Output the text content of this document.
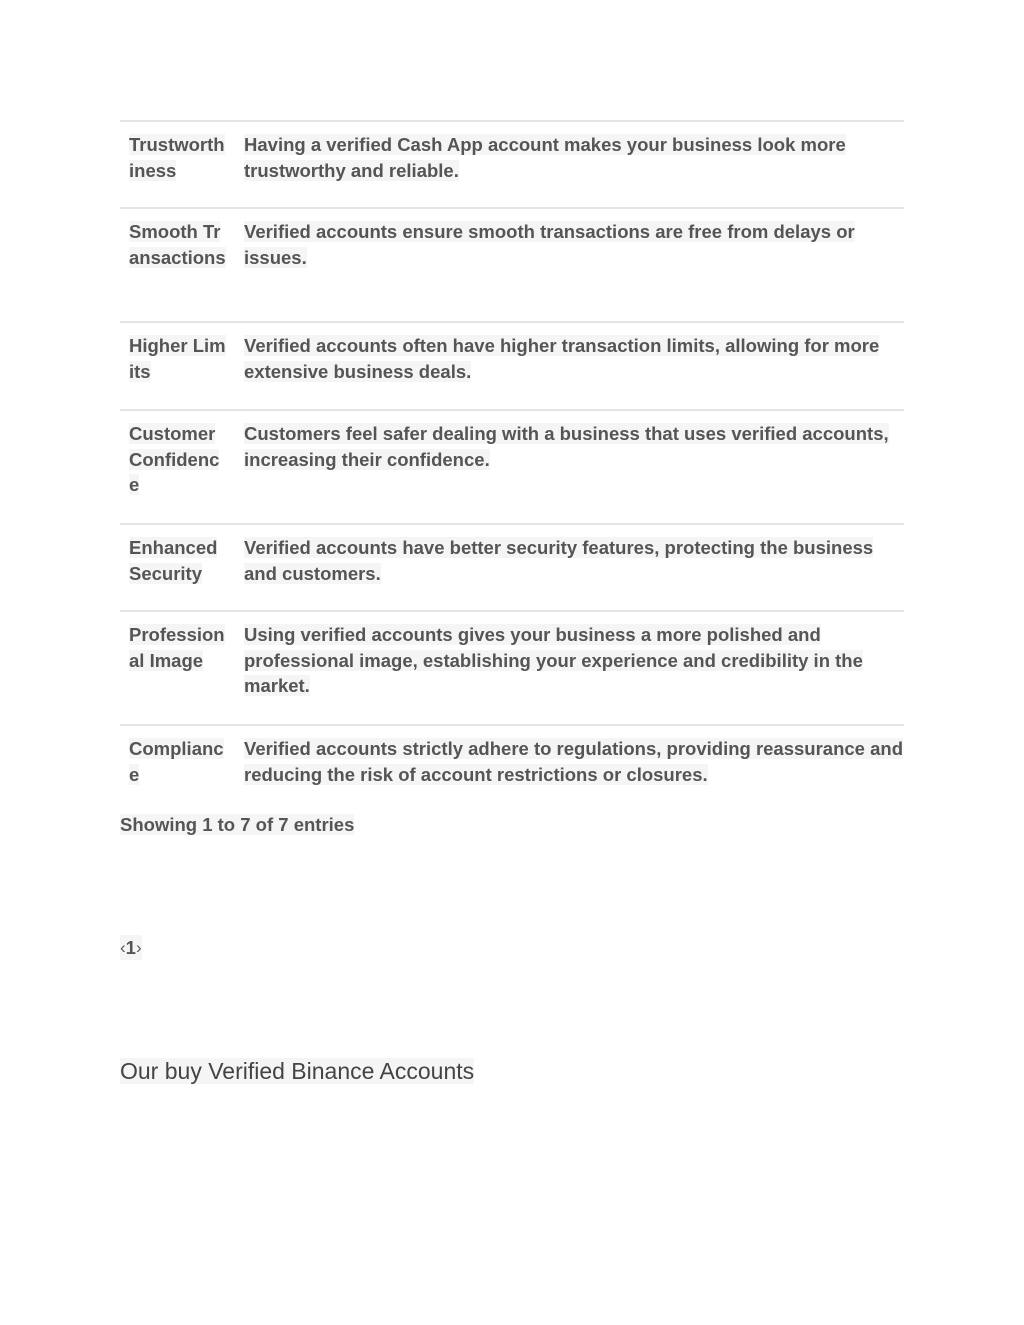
Trustworthiness
Having a verified Cash App account makes your business look more trustworthy and reliable.
Smooth Transactions
Verified accounts ensure smooth transactions are free from delays or issues.
Higher Limits
Verified accounts often have higher transaction limits, allowing for more extensive business deals.
Customer Confidence
Customers feel safer dealing with a business that uses verified accounts, increasing their confidence.
Enhanced Security
Verified accounts have better security features, protecting the business and customers.
Professional Image
Using verified accounts gives your business a more polished and professional image, establishing your experience and credibility in the market.
Compliance
Verified accounts strictly adhere to regulations, providing reassurance and reducing the risk of account restrictions or closures.
Showing 1 to 7 of 7 entries
‹ 1 ›
Our buy Verified Binance Accounts
